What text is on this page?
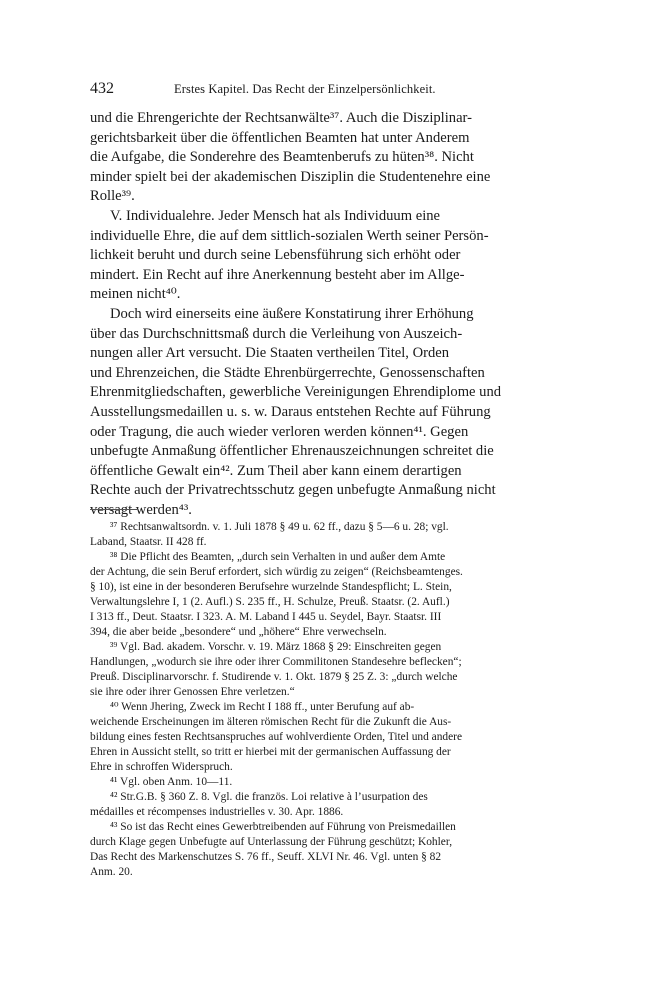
432	Erstes Kapitel. Das Recht der Einzelpersönlichkeit.
und die Ehrengerichte der Rechtsanwälte³⁷. Auch die Disziplinar-
gerichtsbarkeit über die öffentlichen Beamten hat unter Anderem
die Aufgabe, die Sonderehre des Beamtenberufs zu hüten³⁸. Nicht
minder spielt bei der akademischen Disziplin die Studentenehre eine
Rolle³⁹.
V. Individualehre. Jeder Mensch hat als Individuum eine
individuelle Ehre, die auf dem sittlich-sozialen Werth seiner Persön-
lichkeit beruht und durch seine Lebensführung sich erhöht oder
mindert. Ein Recht auf ihre Anerkennung besteht aber im Allge-
meinen nicht⁴⁰.
Doch wird einerseits eine äußere Konstatirung ihrer Erhöhung
über das Durchschnittsmaß durch die Verleihung von Auszeich-
nungen aller Art versucht. Die Staaten vertheilen Titel, Orden
und Ehrenzeichen, die Städte Ehrenbürgerrechte, Genossenschaften
Ehrenmitgliedschaften, gewerbliche Vereinigungen Ehrendiplome und
Ausstellungsmedaillen u. s. w. Daraus entstehen Rechte auf Führung
oder Tragung, die auch wieder verloren werden können⁴¹. Gegen
unbefugte Anmaßung öffentlicher Ehrenauszeichnungen schreitet die
öffentliche Gewalt ein⁴². Zum Theil aber kann einem derartigen
Rechte auch der Privatrechtsschutz gegen unbefugte Anmaßung nicht
versagt werden⁴³.
³⁷ Rechtsanwaltsordn. v. 1. Juli 1878 § 49 u. 62 ff., dazu § 5—6 u. 28; vgl.
Laband, Staatsr. II 428 ff.
³⁸ Die Pflicht des Beamten, „durch sein Verhalten in und außer dem Amte
der Achtung, die sein Beruf erfordert, sich würdig zu zeigen“ (Reichsbeamtenges.
§ 10), ist eine in der besonderen Berufsehre wurzelnde Standespflicht; L. Stein,
Verwaltungslehre I, 1 (2. Aufl.) S. 235 ff., H. Schulze, Preuß. Staatsr. (2. Aufl.)
I 313 ff., Deut. Staatsr. I 323. A. M. Laband I 445 u. Seydel, Bayr. Staatsr. III
394, die aber beide „besondere“ und „höhere“ Ehre verwechseln.
³⁹ Vgl. Bad. akadem. Vorschr. v. 19. März 1868 § 29: Einschreiten gegen
Handlungen, „wodurch sie ihre oder ihrer Commilitonen Standesehre beflecken“;
Preuß. Disciplinarvorschr. f. Studirende v. 1. Okt. 1879 § 25 Z. 3: „durch welche
sie ihre oder ihrer Genossen Ehre verletzen.“
⁴⁰ Wenn Jhering, Zweck im Recht I 188 ff., unter Berufung auf ab-
weichende Erscheinungen im älteren römischen Recht für die Zukunft die Aus-
bildung eines festen Rechtsanspruches auf wohlverdiente Orden, Titel und andere
Ehren in Aussicht stellt, so tritt er hierbei mit der germanischen Auffassung der
Ehre in schroffen Widerspruch.
⁴¹ Vgl. oben Anm. 10—11.
⁴² Str.G.B. § 360 Z. 8. Vgl. die französ. Loi relative à l’usurpation des
médailles et récompenses industrielles v. 30. Apr. 1886.
⁴³ So ist das Recht eines Gewerbtreibenden auf Führung von Preismedaillen
durch Klage gegen Unbefugte auf Unterlassung der Führung geschützt; Kohler,
Das Recht des Markenschutzes S. 76 ff., Seuff. XLVI Nr. 46. Vgl. unten § 82
Anm. 20.
